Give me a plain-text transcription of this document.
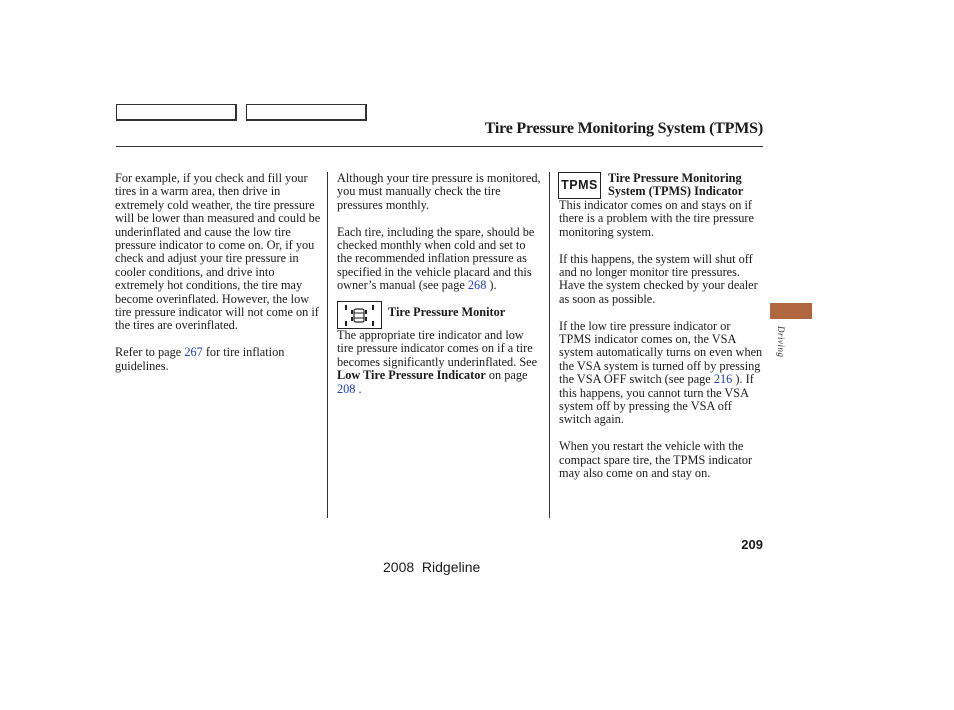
Tire Pressure Monitoring System (TPMS)

For example, if you check and fill your tires in a warm area, then drive in extremely cold weather, the tire pressure will be lower than measured and could be underinflated and cause the low tire pressure indicator to come on. Or, if you check and adjust your tire pressure in cooler conditions, and drive into extremely hot conditions, the tire may become overinflated. However, the low tire pressure indicator will not come on if the tires are overinflated.

Refer to page 267 for tire inflation guidelines.

Although your tire pressure is monitored, you must manually check the tire pressures monthly.

Each tire, including the spare, should be checked monthly when cold and set to the recommended inflation pressure as specified in the vehicle placard and this owner’s manual (see page 268 ).

Tire Pressure Monitor

The appropriate tire indicator and low tire pressure indicator comes on if a tire becomes significantly underinflated. See Low Tire Pressure Indicator on page 208 .

TPMS Tire Pressure Monitoring System (TPMS) Indicator

This indicator comes on and stays on if there is a problem with the tire pressure monitoring system.

If this happens, the system will shut off and no longer monitor tire pressures. Have the system checked by your dealer as soon as possible.

If the low tire pressure indicator or TPMS indicator comes on, the VSA system automatically turns on even when the VSA system is turned off by pressing the VSA OFF switch (see page 216 ). If this happens, you cannot turn the VSA system off by pressing the VSA off switch again.

When you restart the vehicle with the compact spare tire, the TPMS indicator may also come on and stay on.

Driving
209
2008  Ridgeline
